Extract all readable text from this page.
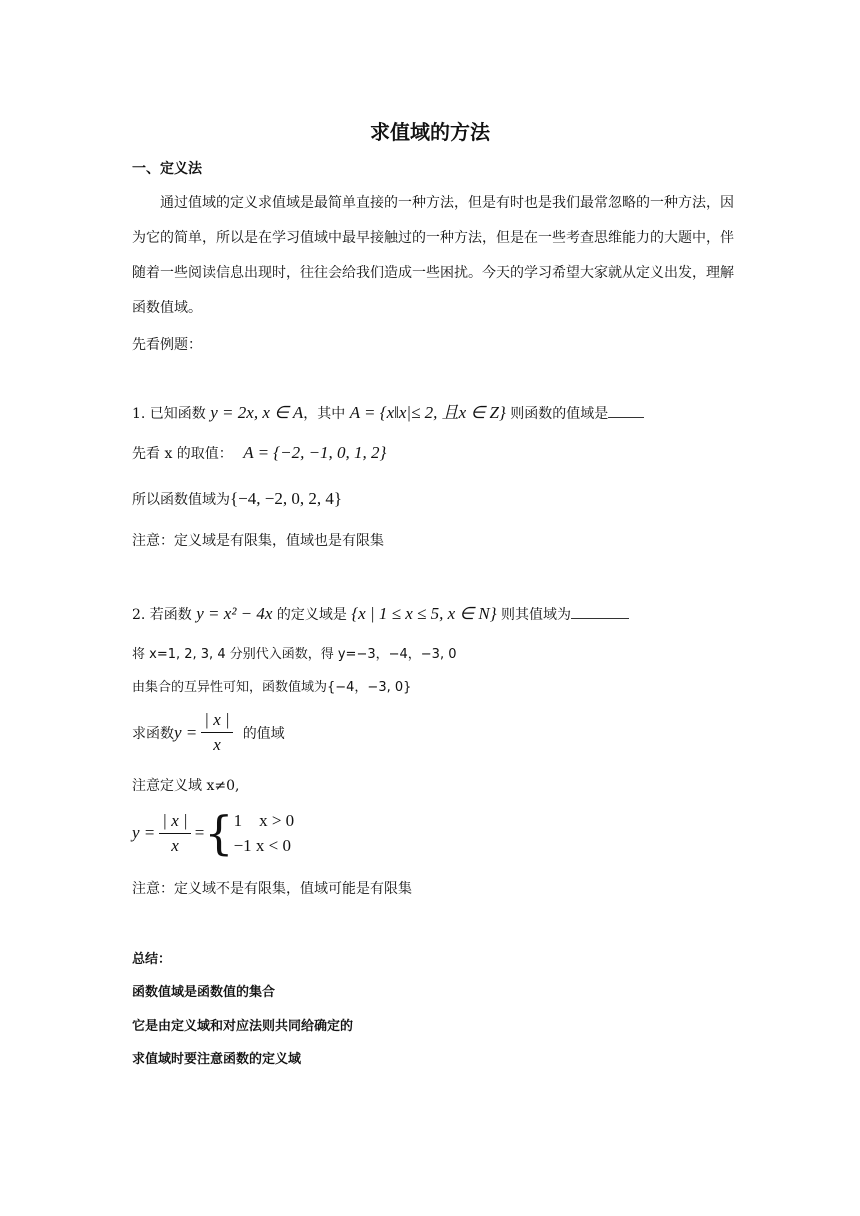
求值域的方法
一、定义法
通过值域的定义求值域是最简单直接的一种方法，但是有时也是我们最常忽略的一种方法，因为它的简单，所以是在学习值域中最早接触过的一种方法，但是在一些考查思维能力的大题中，伴随着一些阅读信息出现时，往往会给我们造成一些困扰。今天的学习希望大家就从定义出发，理解函数值域。
先看例题：
1. 已知函数 y = 2x, x ∈ A，其中 A = {x‖x|≤ 2, 且x ∈ Z} 则函数的值域是
先看 x 的取值： A = {−2, −1, 0, 1, 2}
所以函数值域为{−4, −2, 0, 2, 4}
注意：定义域是有限集，值域也是有限集
2. 若函数 y = x² − 4x 的定义域是 {x | 1 ≤ x ≤ 5, x ∈ N} 则其值域为
将 x=1, 2, 3, 4 分别代入函数，得 y=−3，−4，−3, 0
由集合的互异性可知，函数值域为{−4，−3, 0}
求函数 $y = \frac{| x |}{x}$ 的值域
注意定义域 x≠0,
$y = \frac{| x |}{x}$ = { 1    x > 0
−1 x < 0
注意：定义域不是有限集，值域可能是有限集
总结：
函数值域是函数值的集合
它是由定义域和对应法则共同给确定的
求值域时要注意函数的定义域
